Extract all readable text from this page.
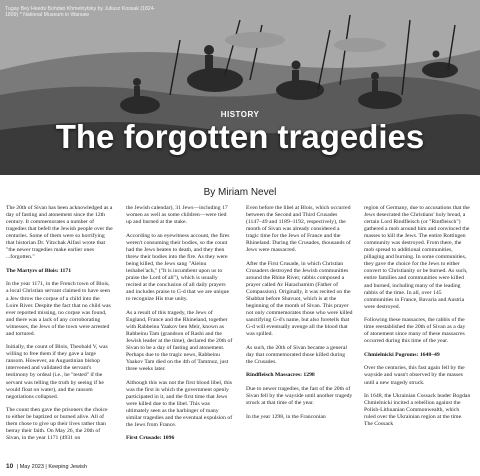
Tugay Bey Heeds Bohdan Khmelnytsky by Juliusz Kossak (1824-1899) * National Museum in Warsaw
HISTORY
The forgotten tragedies
By Miriam Nevel

The 20th of Sivan has been acknowledged as a day of fasting and atonement since the 12th century. It commemorates a number of tragedies that befell the Jewish people over the centuries. Some of them were so horrifying that historian Dr. Yitzchak Alfasi wrote that "the newer tragedies make earlier ones ...forgotten."

The Martyrs of Blois: 1171

In the year 1171, in the French town of Blois, a local Christian servant claimed to have seen a Jew throw the corpse of a child into the Loire River. Despite the fact that no child was ever reported missing, no corpse was found, and there was a lack of any corroborating witnesses, the Jews of the town were arrested and tortured.

Initially, the count of Blois, Theobald V, was willing to free them if they gave a large ransom. However, an Augustinian bishop intervened and validated the servant's testimony by ordeal (i.e., he "tested" if the servant was telling the truth by seeing if he would float on water), and the ransom negotiations collapsed.

The count then gave the prisoners the choice to either be baptized or burned alive. All of them chose to give up their lives rather than betray their faith. On May 26, the 20th of Sivan, in the year 1171 (4931 on

the Jewish calendar), 31 Jews—including 17 women as well as some children—were tied up and burned at the stake.

According to an eyewitness account, the fires weren't consuming their bodies, so the count had the Jews beaten to death, and they then threw their bodies into the fire. As they were being killed, the Jews sang "Aleinu leshabei'ach," ("It is incumbent upon us to praise the Lord of all"), which is usually recited at the conclusion of all daily prayers and includes praise to G-d that we are unique to recognize His true unity.

As a result of this tragedy, the Jews of England, France and the Rhineland, together with Rabbeinu Yaakov ben Meir, known as Rabbeinu Tam (grandson of Rashi and the Jewish leader at the time), declared the 20th of Sivan to be a day of fasting and atonement. Perhaps due to the tragic news, Rabbeinu Yaakov Tam died on the 4th of Tammuz, just three weeks later.

Although this was not the first blood libel, this was the first in which the government openly participated in it, and the first time that Jews were killed due to the libel. This was ultimately seen as the harbinger of many similar tragedies and the eventual expulsion of the Jews from France.

First Crusade: 1096

Even before the libel at Blois, which occurred between the Second and Third Crusades (1147–49 and 1189–1192, respectively), the month of Sivan was already considered a tragic time for the Jews of France and the Rhineland. During the Crusades, thousands of Jews were massacred.

After the First Crusade, in which Christian Crusaders destroyed the Jewish communities around the Rhine River, rabbis composed a prayer called Av Harachamim (Father of Compassion). Originally, it was recited on the Shabbat before Shavuot, which is at the beginning of the month of Sivan. This prayer not only commemorates those who were killed sanctifying G-d's name, but also foretells that G-d will eventually avenge all the blood that was spilled.

As such, the 20th of Sivan became a general day that commemorated those killed during the Crusades.

Rindfleisch Massacres: 1298

Due to newer tragedies, the fast of the 20th of Sivan fell by the wayside until another tragedy struck at that time of the year.

In the year 1298, in the Franconian

region of Germany, due to accusations that the Jews desecrated the Christians' holy bread, a certain Lord Rindfleisch (or "Rintfleisch") gathered a mob around him and convinced the masses to kill the Jews. The entire Rottingen community was destroyed. From there, the mob spread to additional communities, pillaging and burning. In some communities, they gave the choice for the Jews to either convert to Christianity or be burned. As such, entire families and communities were killed and burned, including many of the leading rabbis of the time. In all, over 145 communities in France, Bavaria and Austria were destroyed.

Following these massacres, the rabbis of the time reestablished the 20th of Sivan as a day of atonement since many of these massacres occurred during this time of the year.

Chmielnicki Pogroms: 1648–49

Over the centuries, this fast again fell by the wayside and wasn't observed by the masses until a new tragedy struck.

In 1648, the Ukrainian Cossack leader Bogdan Chmielnicki incited a rebellion against the Polish-Lithuanian Commonwealth, which ruled over the Ukrainian region at the time. The Cossack

10 | May 2023 | Keeping Jewish
